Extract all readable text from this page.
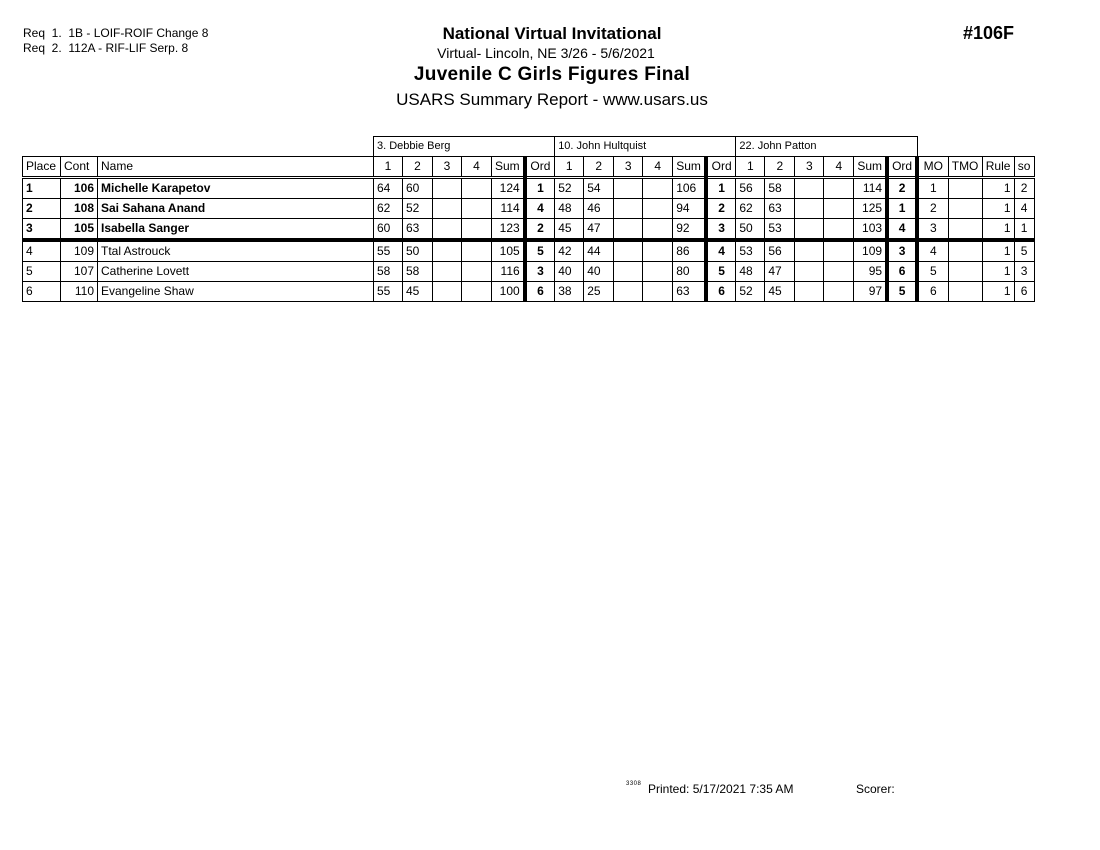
Req  1.  1B - LOIF-ROIF Change 8
Req  2.  112A - RIF-LIF Serp. 8
National Virtual Invitational
Virtual- Lincoln, NE 3/26 - 5/6/2021
Juvenile C Girls Figures Final
USARS Summary Report - www.usars.us
#106F
			3. Debbie Berg						10. John Hultquist						22. John Patton									
Place	Cont	Name	1	2	3	4	Sum	Ord	1	2	3	4	Sum	Ord	1	2	3	4	Sum	Ord	MO	TMO	Rule	so
1	106	Michelle Karapetov	64	60			124	1	52	54			106	1	56	58			114	2	1		1	2
2	108	Sai Sahana Anand	62	52			114	4	48	46			94	2	62	63			125	1	2		1	4
3	105	Isabella Sanger	60	63			123	2	45	47			92	3	50	53			103	4	3		1	1
4	109	Ttal Astrouck	55	50			105	5	42	44			86	4	53	56			109	3	4		1	5
5	107	Catherine Lovett	58	58			116	3	40	40			80	5	48	47			95	6	5		1	3
6	110	Evangeline Shaw	55	45			100	6	38	25			63	6	52	45			97	5	6		1	6
3308 Printed: 5/17/2021 7:35 AM	Scorer:
